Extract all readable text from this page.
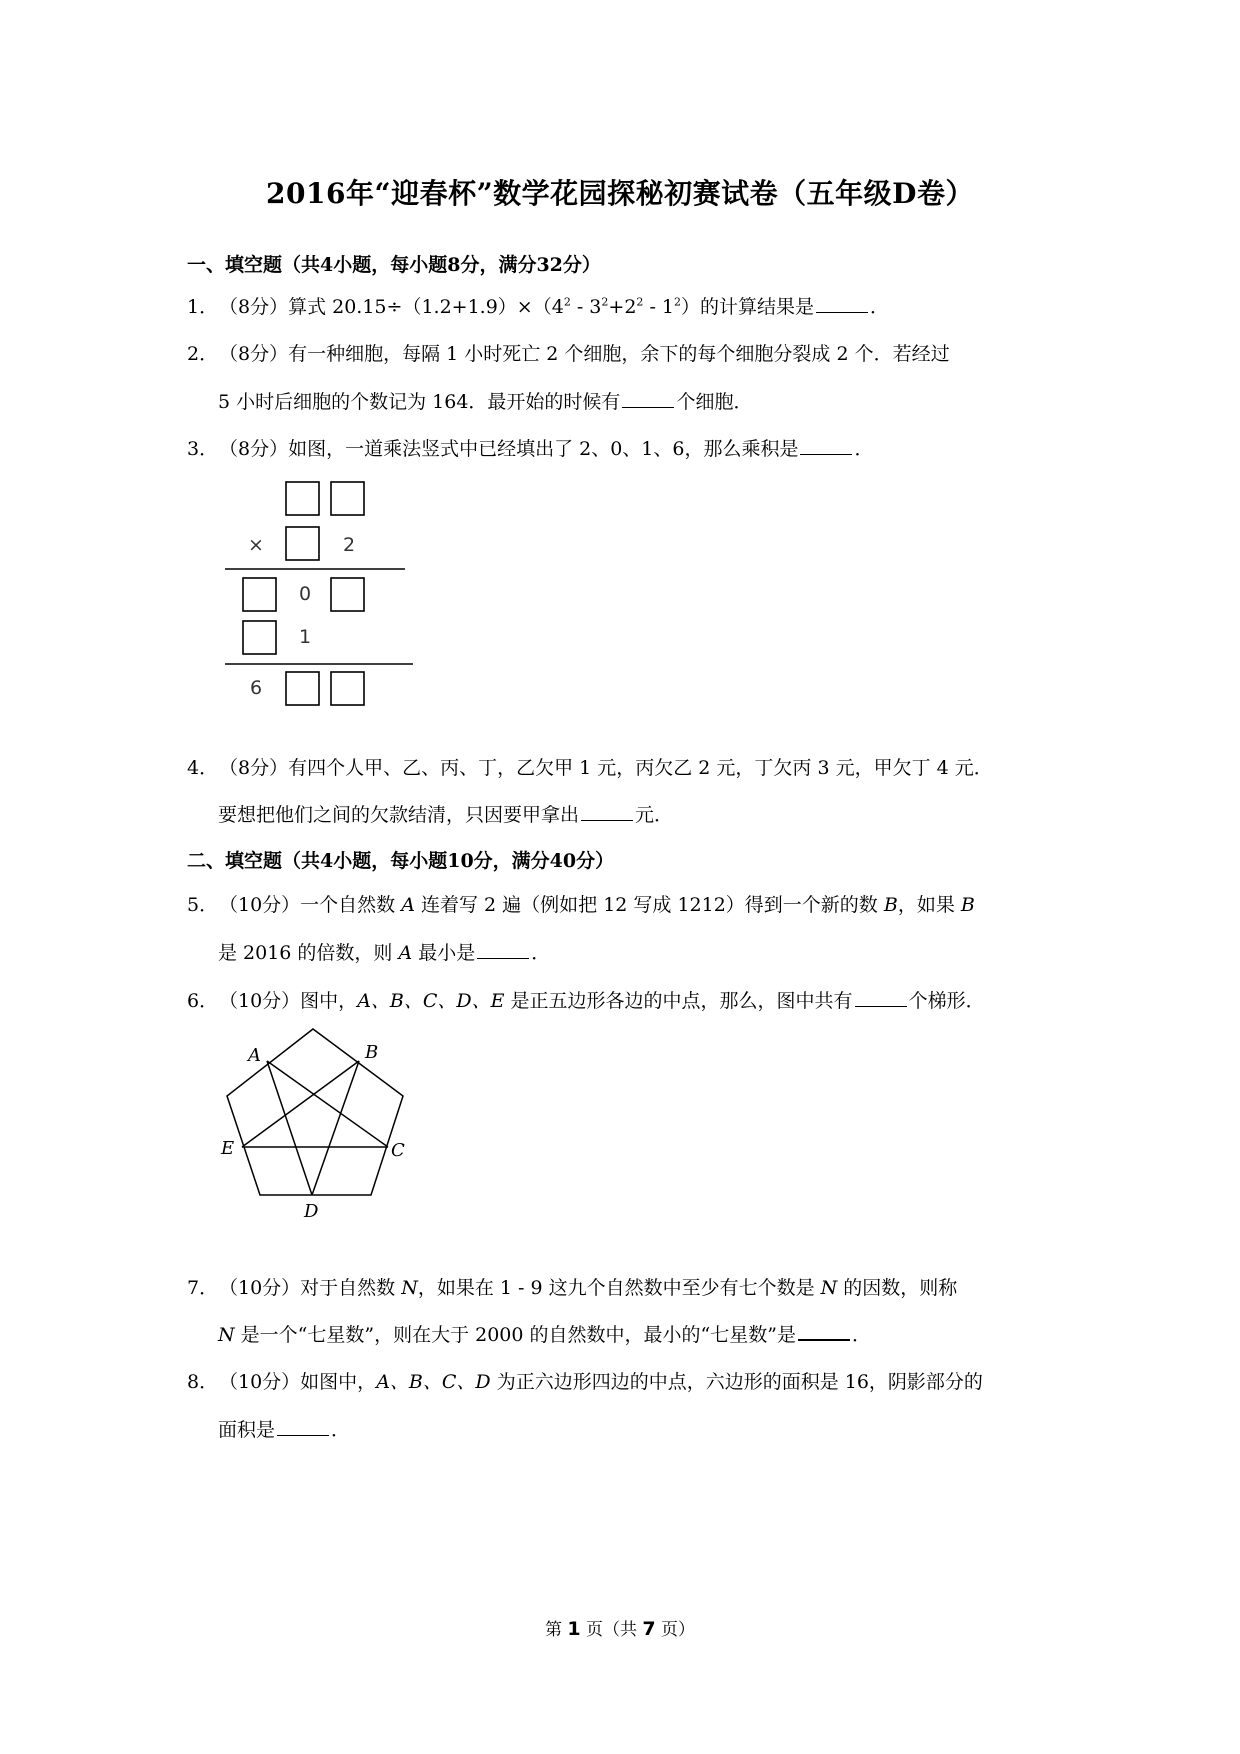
2016年“迎春杯”数学花园探秘初赛试卷（五年级D卷）
一、填空题（共4小题，每小题8分，满分32分）
1．（8分）算式 $20.15\div(1.2+1.9)\times(4^2 - 3^2+2^2 - 1^2)$的计算结果是	．
2．（8分）有一种细胞，每隔 1 小时死亡 2 个细胞，余下的每个细胞分裂成 2 个．若经过
5 小时后细胞的个数记为 164．最开始的时候有	个细胞．
3．（8分）如图，一道乘法竖式中已经填出了 2、0、1、6，那么乘积是	．
×	2
0
1
6
4．（8分）有四个人甲、乙、丙、丁，乙欠甲 1 元，丙欠乙 2 元，丁欠丙 3 元，甲欠丁 4 元．
要想把他们之间的欠款结清，只因要甲拿出	元．
二、填空题（共4小题，每小题10分，满分40分）
5．（10分）一个自然数 A 连着写 2 遍（例如把 12 写成 1212）得到一个新的数 B，如果 B
是 2016 的倍数，则 A 最小是	．
6．（10分）图中，A、B、C、D、E 是正五边形各边的中点，那么，图中共有	个梯形．
A	B
C
D
E
7．（10分）对于自然数 N，如果在 1 - 9 这九个自然数中至少有七个数是 N 的因数，则称
N 是一个“七星数”，则在大于 2000 的自然数中，最小的“七星数”是	．
8．（10分）如图中，A、B、C、D 为正六边形四边的中点，六边形的面积是 16，阴影部分的
面积是	．
第 1 页（共 7 页）
